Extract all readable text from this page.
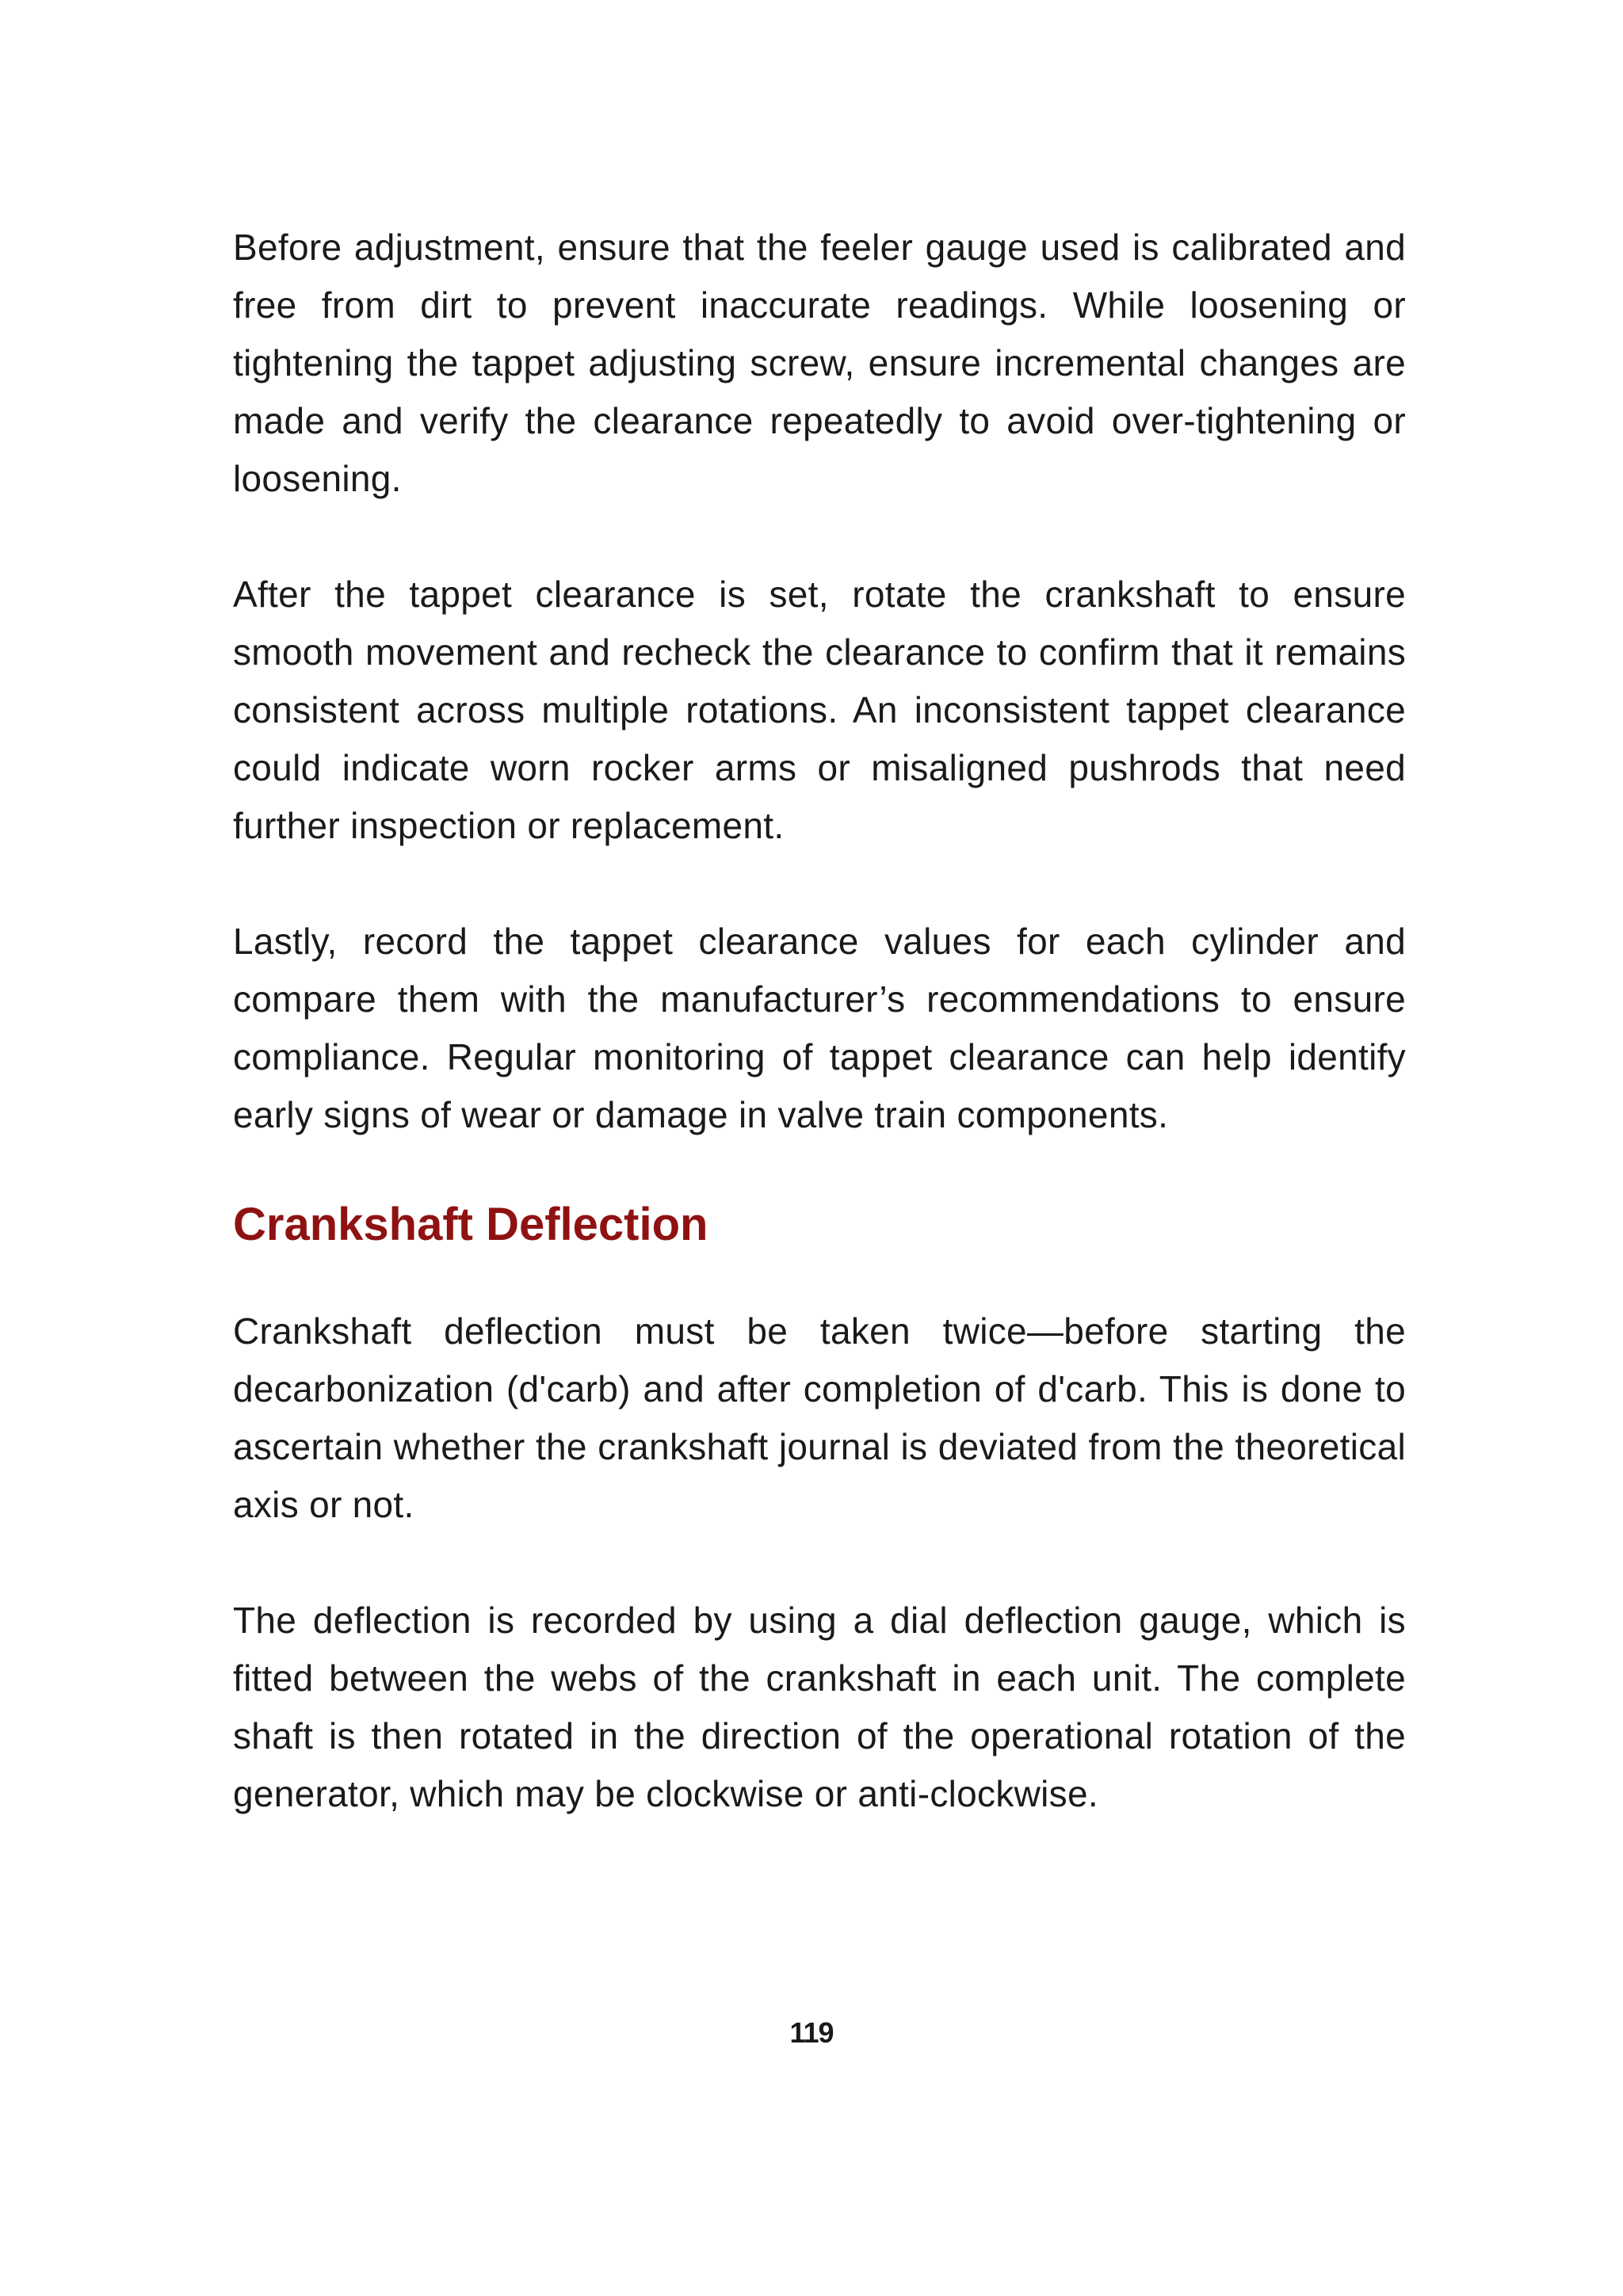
Before adjustment, ensure that the feeler gauge used is calibrated and free from dirt to prevent inaccurate readings. While loosening or tightening the tappet adjusting screw, ensure incremental changes are made and verify the clearance repeatedly to avoid over-tightening or loosening.

After the tappet clearance is set, rotate the crankshaft to ensure smooth movement and recheck the clearance to confirm that it remains consistent across multiple rotations. An inconsistent tappet clearance could indicate worn rocker arms or misaligned pushrods that need further inspection or replacement.

Lastly, record the tappet clearance values for each cylinder and compare them with the manufacturer’s recommendations to ensure compliance. Regular monitoring of tappet clearance can help identify early signs of wear or damage in valve train components.

Crankshaft Deflection

Crankshaft deflection must be taken twice—before starting the decarbonization (d'carb) and after completion of d'carb. This is done to ascertain whether the crankshaft journal is deviated from the theoretical axis or not.

The deflection is recorded by using a dial deflection gauge, which is fitted between the webs of the crankshaft in each unit. The complete shaft is then rotated in the direction of the operational rotation of the generator, which may be clockwise or anti-clockwise.

119
